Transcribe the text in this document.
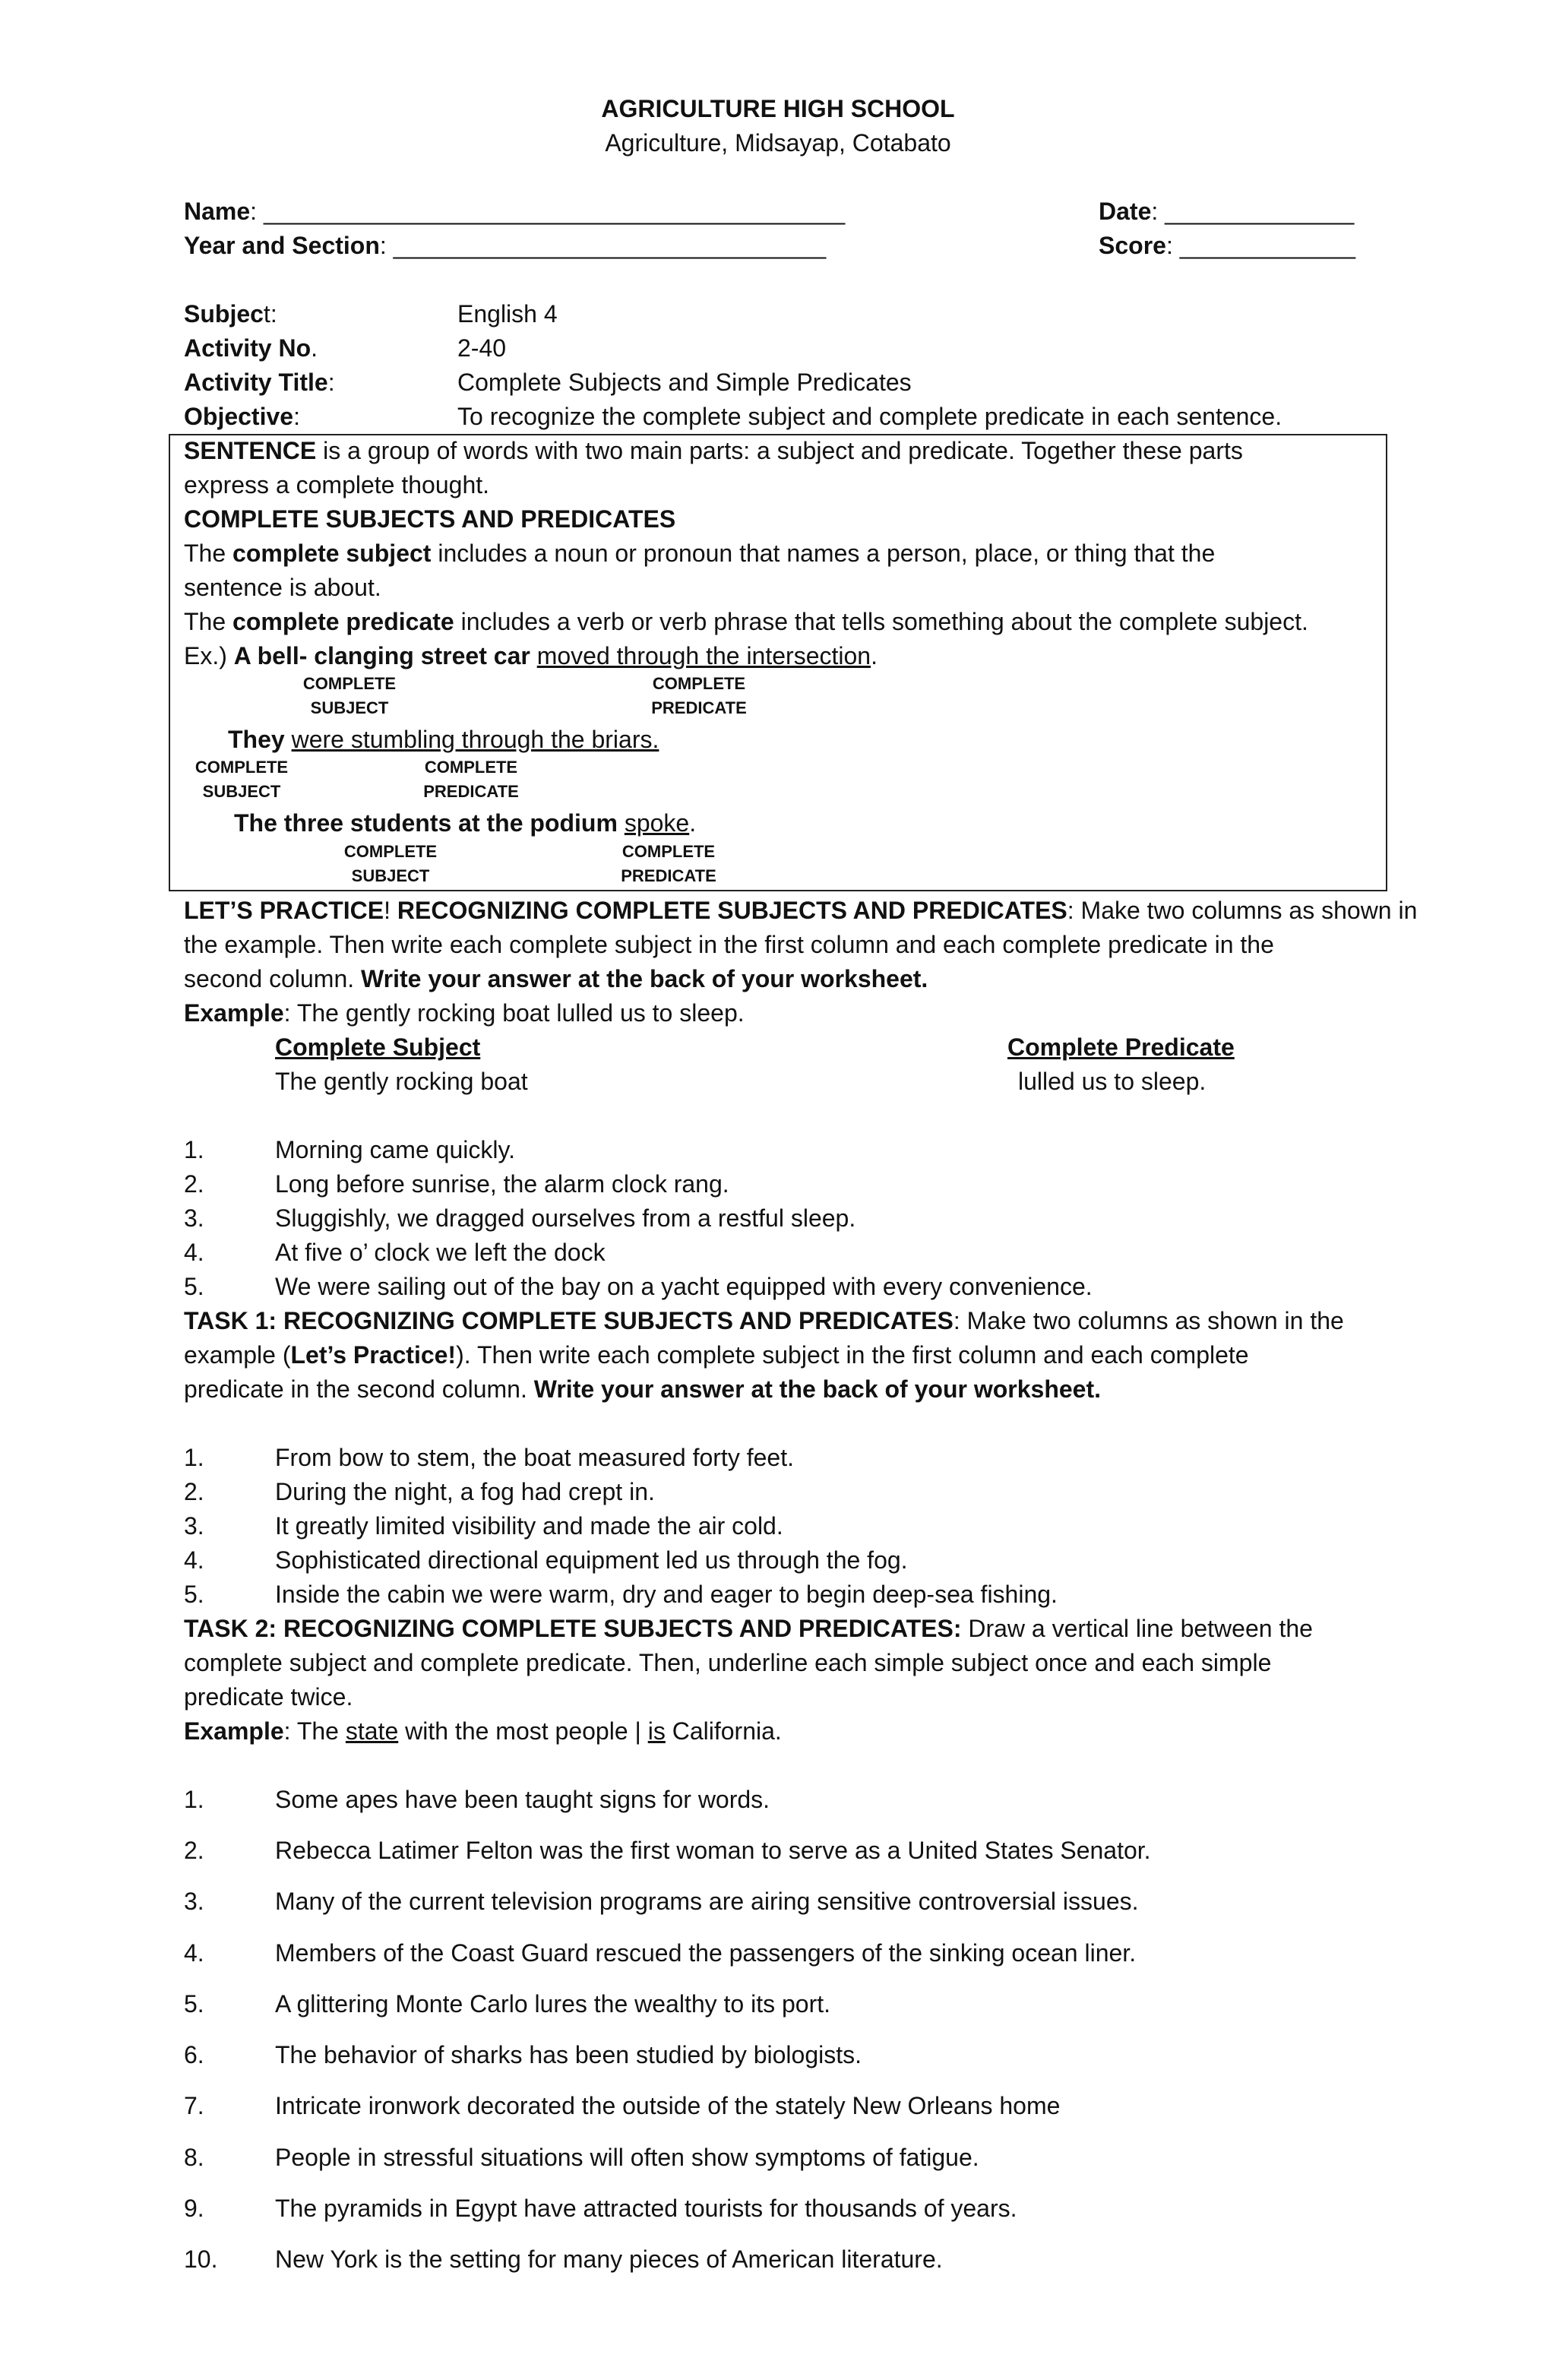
AGRICULTURE HIGH SCHOOL
Agriculture, Midsayap, Cotabato
Name: ___________________________________________	Date: ______________
Year and Section: ________________________________	Score: _____________
Subject:	English 4
Activity No.	2-40
Activity Title:	Complete Subjects and Simple Predicates
Objective:	To recognize the complete subject and complete predicate in each sentence.
SENTENCE is a group of words with two main parts: a subject and predicate. Together these parts
express a complete thought.
COMPLETE SUBJECTS AND PREDICATES
The complete subject includes a noun or pronoun that names a person, place, or thing that the
sentence is about.
The complete predicate includes a verb or verb phrase that tells something about the complete subject.
Ex.) A bell- clanging street car moved through the intersection.
COMPLETE
SUBJECT
COMPLETE
PREDICATE
They were stumbling through the briars.
COMPLETE
SUBJECT
COMPLETE
PREDICATE
The three students at the podium spoke.
COMPLETE
SUBJECT
COMPLETE
PREDICATE
LET’S PRACTICE! RECOGNIZING COMPLETE SUBJECTS AND PREDICATES: Make two columns as shown in
the example. Then write each complete subject in the first column and each complete predicate in the
second column. Write your answer at the back of your worksheet.
Example: The gently rocking boat lulled us to sleep.
Complete Subject	Complete Predicate
The gently rocking boat	lulled us to sleep.
1.	Morning came quickly.
2.	Long before sunrise, the alarm clock rang.
3.	Sluggishly, we dragged ourselves from a restful sleep.
4.	At five o’ clock we left the dock
5.	We were sailing out of the bay on a yacht equipped with every convenience.
TASK 1: RECOGNIZING COMPLETE SUBJECTS AND PREDICATES: Make two columns as shown in the
example (Let’s Practice!). Then write each complete subject in the first column and each complete
predicate in the second column. Write your answer at the back of your worksheet.
1.	From bow to stem, the boat measured forty feet.
2.	During the night, a fog had crept in.
3.	It greatly limited visibility and made the air cold.
4.	Sophisticated directional equipment led us through the fog.
5.	Inside the cabin we were warm, dry and eager to begin deep-sea fishing.
TASK 2: RECOGNIZING COMPLETE SUBJECTS AND PREDICATES: Draw a vertical line between the
complete subject and complete predicate. Then, underline each simple subject once and each simple
predicate twice.
Example: The state with the most people | is California.
1.	Some apes have been taught signs for words.
2.	Rebecca Latimer Felton was the first woman to serve as a United States Senator.
3.	Many of the current television programs are airing sensitive controversial issues.
4.	Members of the Coast Guard rescued the passengers of the sinking ocean liner.
5.	A glittering Monte Carlo lures the wealthy to its port.
6.	The behavior of sharks has been studied by biologists.
7.	Intricate ironwork decorated the outside of the stately New Orleans home
8.	People in stressful situations will often show symptoms of fatigue.
9.	The pyramids in Egypt have attracted tourists for thousands of years.
10. New York is the setting for many pieces of American literature.
